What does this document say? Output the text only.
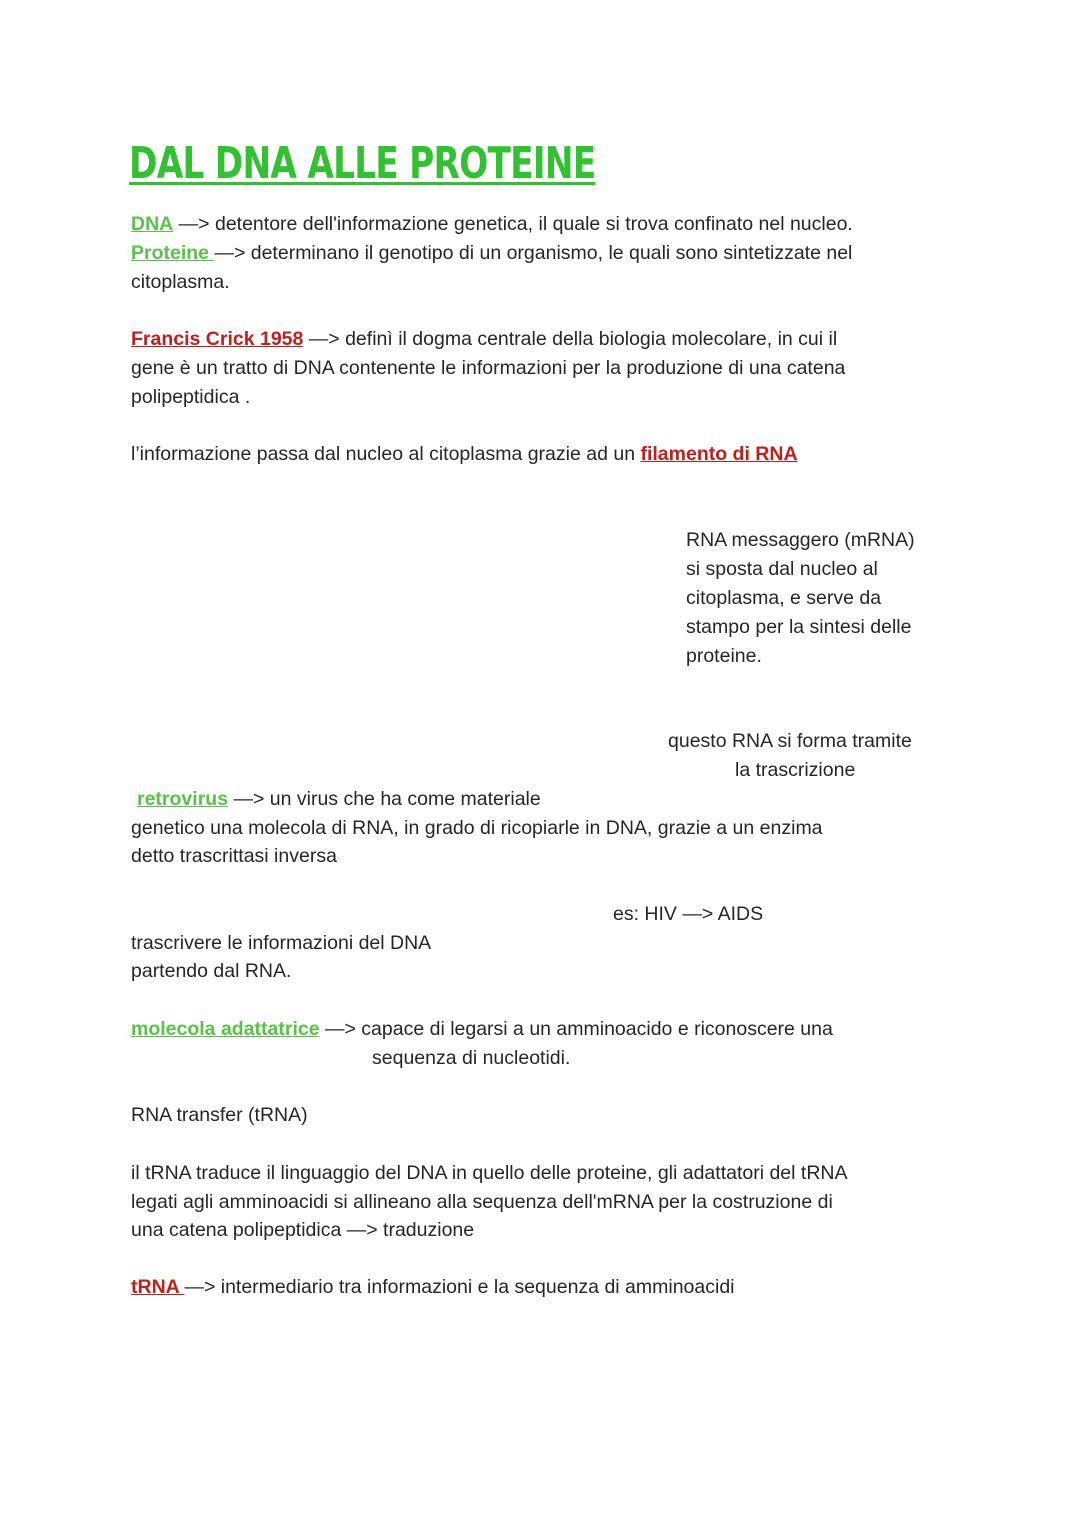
DAL DNA ALLE PROTEINE
DNA —> detentore dell'informazione genetica, il quale si trova confinato nel nucleo.
Proteine —> determinano il genotipo di un organismo, le quali sono sintetizzate nel
citoplasma.
Francis Crick 1958 —> definì il dogma centrale della biologia molecolare, in cui il
gene è un tratto di DNA contenente le informazioni per la produzione di una catena
polipeptidica .
l’informazione passa dal nucleo al citoplasma grazie ad un filamento di RNA
RNA messaggero (mRNA)
si sposta dal nucleo al
citoplasma, e serve da
stampo per la sintesi delle
proteine.
questo RNA si forma tramite
la trascrizione
retrovirus —> un virus che ha come materiale
genetico una molecola di RNA, in grado di ricopiarle in DNA, grazie a un enzima
detto trascrittasi inversa
es: HIV —> AIDS
trascrivere le informazioni del DNA
partendo dal RNA.
molecola adattatrice —> capace di legarsi a un amminoacido e riconoscere una
sequenza di nucleotidi.
RNA transfer (tRNA)
il tRNA traduce il linguaggio del DNA in quello delle proteine, gli adattatori del tRNA
legati agli amminoacidi si allineano alla sequenza dell'mRNA per la costruzione di
una catena polipeptidica —> traduzione
tRNA —> intermediario tra informazioni e la sequenza di amminoacidi
